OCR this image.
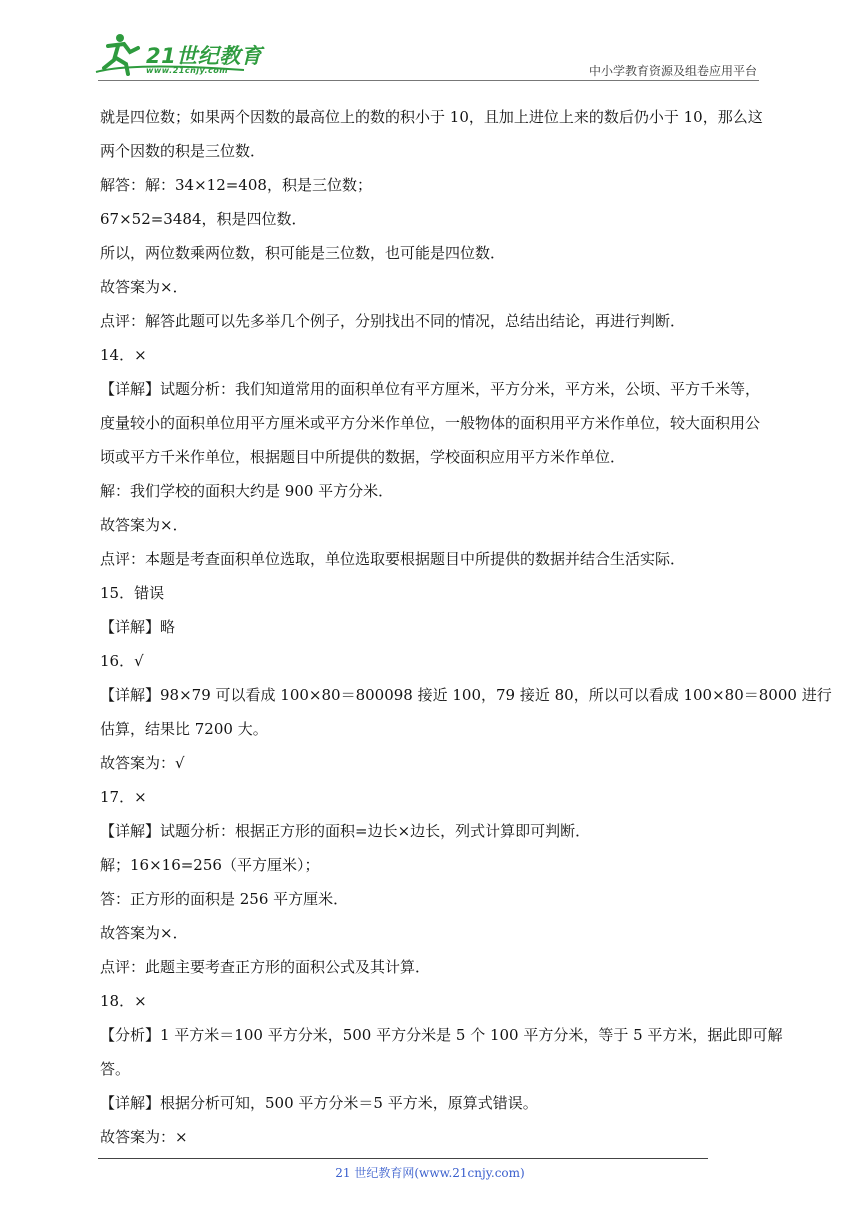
21世纪教育
www.21cnjy.com	中小学教育资源及组卷应用平台
就是四位数；如果两个因数的最高位上的数的积小于 10，且加上进位上来的数后仍小于 10，那么这
两个因数的积是三位数．
解答：解：34×12=408，积是三位数；
67×52=3484，积是四位数．
所以，两位数乘两位数，积可能是三位数，也可能是四位数．
故答案为×．
点评：解答此题可以先多举几个例子，分别找出不同的情况，总结出结论，再进行判断．
14．×
【详解】试题分析：我们知道常用的面积单位有平方厘米，平方分米，平方米，公顷、平方千米等，
度量较小的面积单位用平方厘米或平方分米作单位，一般物体的面积用平方米作单位，较大面积用公
顷或平方千米作单位，根据题目中所提供的数据，学校面积应用平方米作单位．
解：我们学校的面积大约是 900 平方分米．
故答案为×．
点评：本题是考查面积单位选取，单位选取要根据题目中所提供的数据并结合生活实际．
15．错误
【详解】略
16．√
【详解】98×79 可以看成 100×80＝800098 接近 100，79 接近 80，所以可以看成 100×80＝8000 进行
估算，结果比 7200 大。
故答案为：√
17．×
【详解】试题分析：根据正方形的面积=边长×边长，列式计算即可判断．
解；16×16=256（平方厘米）；
答：正方形的面积是 256 平方厘米．
故答案为×．
点评：此题主要考查正方形的面积公式及其计算．
18．×
【分析】1 平方米＝100 平方分米，500 平方分米是 5 个 100 平方分米，等于 5 平方米，据此即可解
答。
【详解】根据分析可知，500 平方分米＝5 平方米，原算式错误。
故答案为：×
21 世纪教育网(www.21cnjy.com)
